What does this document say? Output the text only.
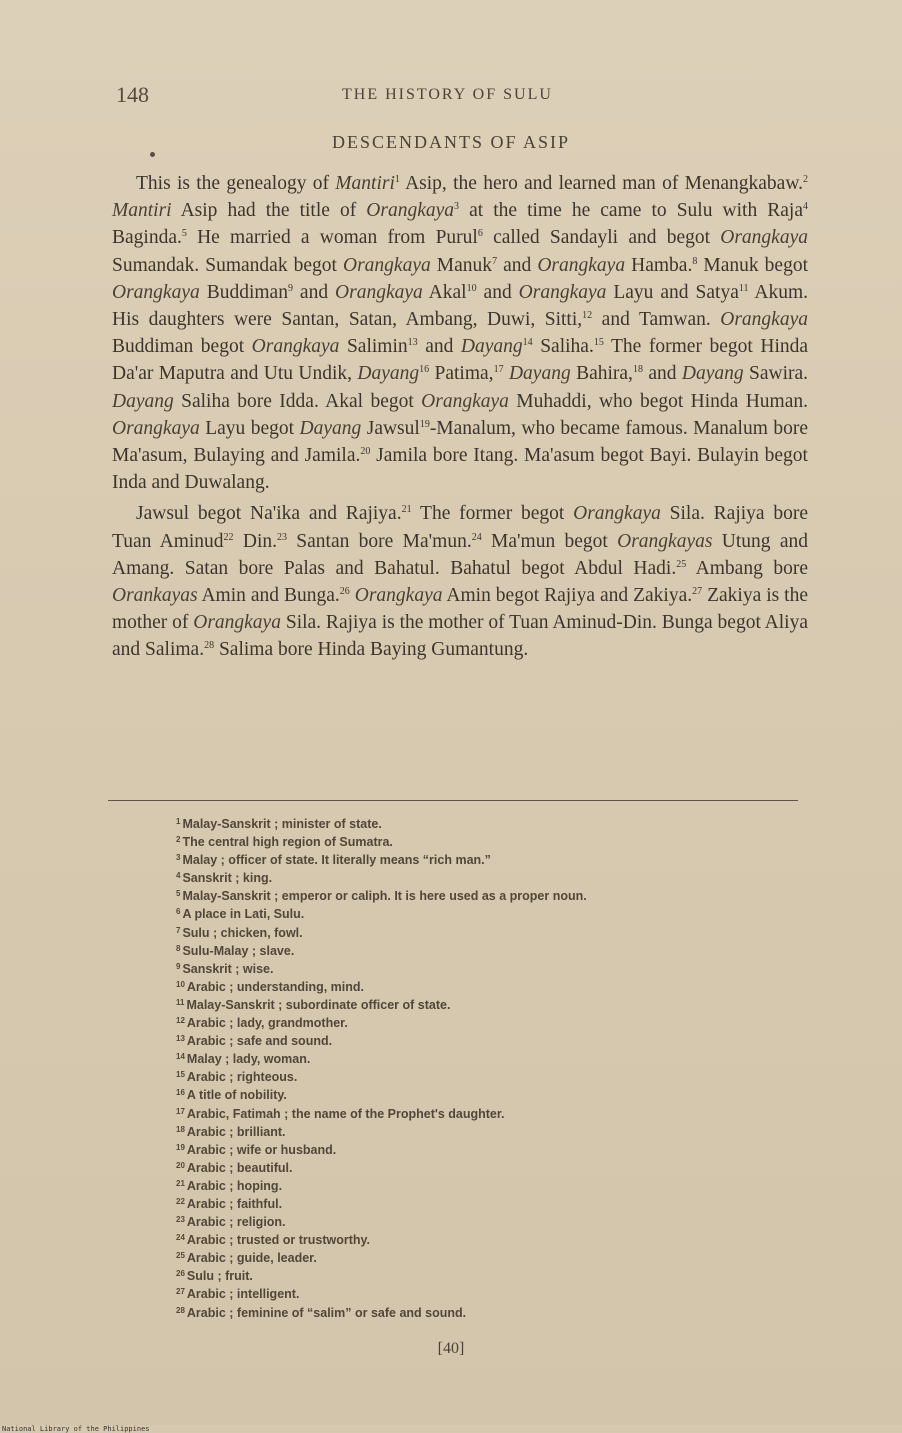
148	THE HISTORY OF SULU
DESCENDANTS OF ASIP

This is the genealogy of Mantiri$^1$ Asip, the hero and learned man of Menangkabaw.$^2$ Mantiri Asip had the title of Orangkaya$^3$ at the time he came to Sulu with Raja$^4$ Baginda.$^5$ He married a woman from Purul$^6$ called Sandayli and begot Orangkaya Sumandak. Sumandak begot Orangkaya Manuk$^7$ and Orangkaya Hamba.$^8$ Manuk begot Orangkaya Buddiman$^9$ and Orangkaya Akal$^{10}$ and Orangkaya Layu and Satya$^{11}$ Akum. His daughters were Santan, Satan, Ambang, Duwi, Sitti,$^{12}$ and Tamwan. Orangkaya Buddiman begot Orangkaya Salimin$^{13}$ and Dayang$^{14}$ Saliha.$^{15}$ The former begot Hinda Da'ar Maputra and Utu Undik, Dayang$^{16}$ Patima,$^{17}$ Dayang Bahira,$^{18}$ and Dayang Sawira. Dayang Saliha bore Idda. Akal begot Orangkaya Muhaddi, who begot Hinda Human. Orangkaya Layu begot Dayang Jawsul$^{19}$-Manalum, who became famous. Manalum bore Ma'asum, Bulaying and Jamila.$^{20}$ Jamila bore Itang. Ma'asum begot Bayi. Bulayin begot Inda and Duwalang.

Jawsul begot Na'ika and Rajiya.$^{21}$ The former begot Orangkaya Sila. Rajiya bore Tuan Aminud$^{22}$ Din.$^{23}$ Santan bore Ma'mun.$^{24}$ Ma'mun begot Orangkayas Utung and Amang. Satan bore Palas and Bahatul. Bahatul begot Abdul Hadi.$^{25}$ Ambang bore Orankayas Amin and Bunga.$^{26}$ Orangkaya Amin begot Rajiya and Zakiya.$^{27}$ Zakiya is the mother of Orangkaya Sila. Rajiya is the mother of Tuan Aminud-Din. Bunga begot Aliya and Salima.$^{28}$ Salima bore Hinda Baying Gumantung.

$^1$ Malay-Sanskrit ; minister of state.
$^2$ The central high region of Sumatra.
$^3$ Malay ; officer of state. It literally means “rich man.”
$^4$ Sanskrit ; king.
$^5$ Malay-Sanskrit ; emperor or caliph. It is here used as a proper noun.
$^6$ A place in Lati, Sulu.
$^7$ Sulu ; chicken, fowl.
$^8$ Sulu-Malay ; slave.
$^9$ Sanskrit ; wise.
$^{10}$ Arabic ; understanding, mind.
$^{11}$ Malay-Sanskrit ; subordinate officer of state.
$^{12}$ Arabic ; lady, grandmother.
$^{13}$ Arabic ; safe and sound.
$^{14}$ Malay ; lady, woman.
$^{15}$ Arabic ; righteous.
$^{16}$ A title of nobility.
$^{17}$ Arabic, Fatimah ; the name of the Prophet's daughter.
$^{18}$ Arabic ; brilliant.
$^{19}$ Arabic ; wife or husband.
$^{20}$ Arabic ; beautiful.
$^{21}$ Arabic ; hoping.
$^{22}$ Arabic ; faithful.
$^{23}$ Arabic ; religion.
$^{24}$ Arabic ; trusted or trustworthy.
$^{25}$ Arabic ; guide, leader.
$^{26}$ Sulu ; fruit.
$^{27}$ Arabic ; intelligent.
$^{28}$ Arabic ; feminine of “salim” or safe and sound.
[40]
National Library of the Philippines
